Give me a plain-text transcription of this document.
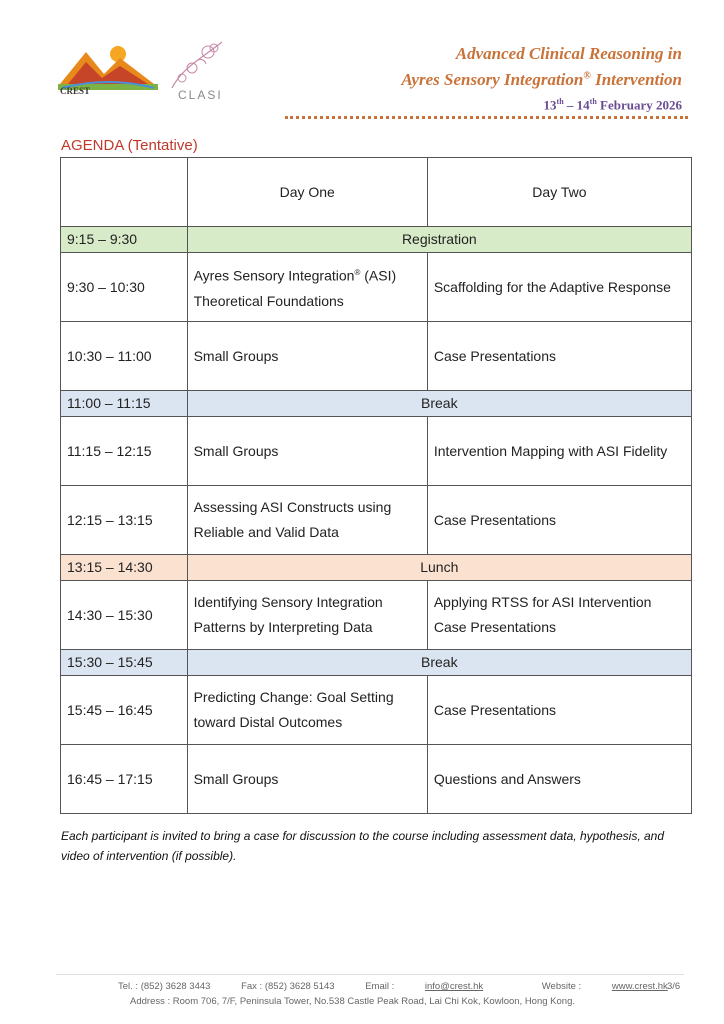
CREST	CLASI
Advanced Clinical Reasoning in
Ayres Sensory Integration® Intervention
13th – 14th February 2026
AGENDA (Tentative)
	Day One	Day Two
9:15 – 9:30	Registration	
9:30 – 10:30	Ayres Sensory Integration® (ASI) Theoretical Foundations	Scaffolding for the Adaptive Response
10:30 – 11:00	Small Groups	Case Presentations
11:00 – 11:15	Break	
11:15 – 12:15	Small Groups	Intervention Mapping with ASI Fidelity
12:15 – 13:15	Assessing ASI Constructs using Reliable and Valid Data	Case Presentations
13:15 – 14:30	Lunch	
14:30 – 15:30	Identifying Sensory Integration Patterns by Interpreting Data	Applying RTSS for ASI Intervention Case Presentations
15:30 – 15:45	Break	
15:45 – 16:45	Predicting Change: Goal Setting toward Distal Outcomes	Case Presentations
16:45 – 17:15	Small Groups	Questions and Answers
Each participant is invited to bring a case for discussion to the course including assessment data, hypothesis, and video of intervention (if possible).
Tel. : (852) 3628 3443	Fax : (852) 3628 5143	Email :	info@crest.hk	Website :	www.crest.hk 3/6
Address : Room 706, 7/F, Peninsula Tower, No.538 Castle Peak Road, Lai Chi Kok, Kowloon, Hong Kong.
